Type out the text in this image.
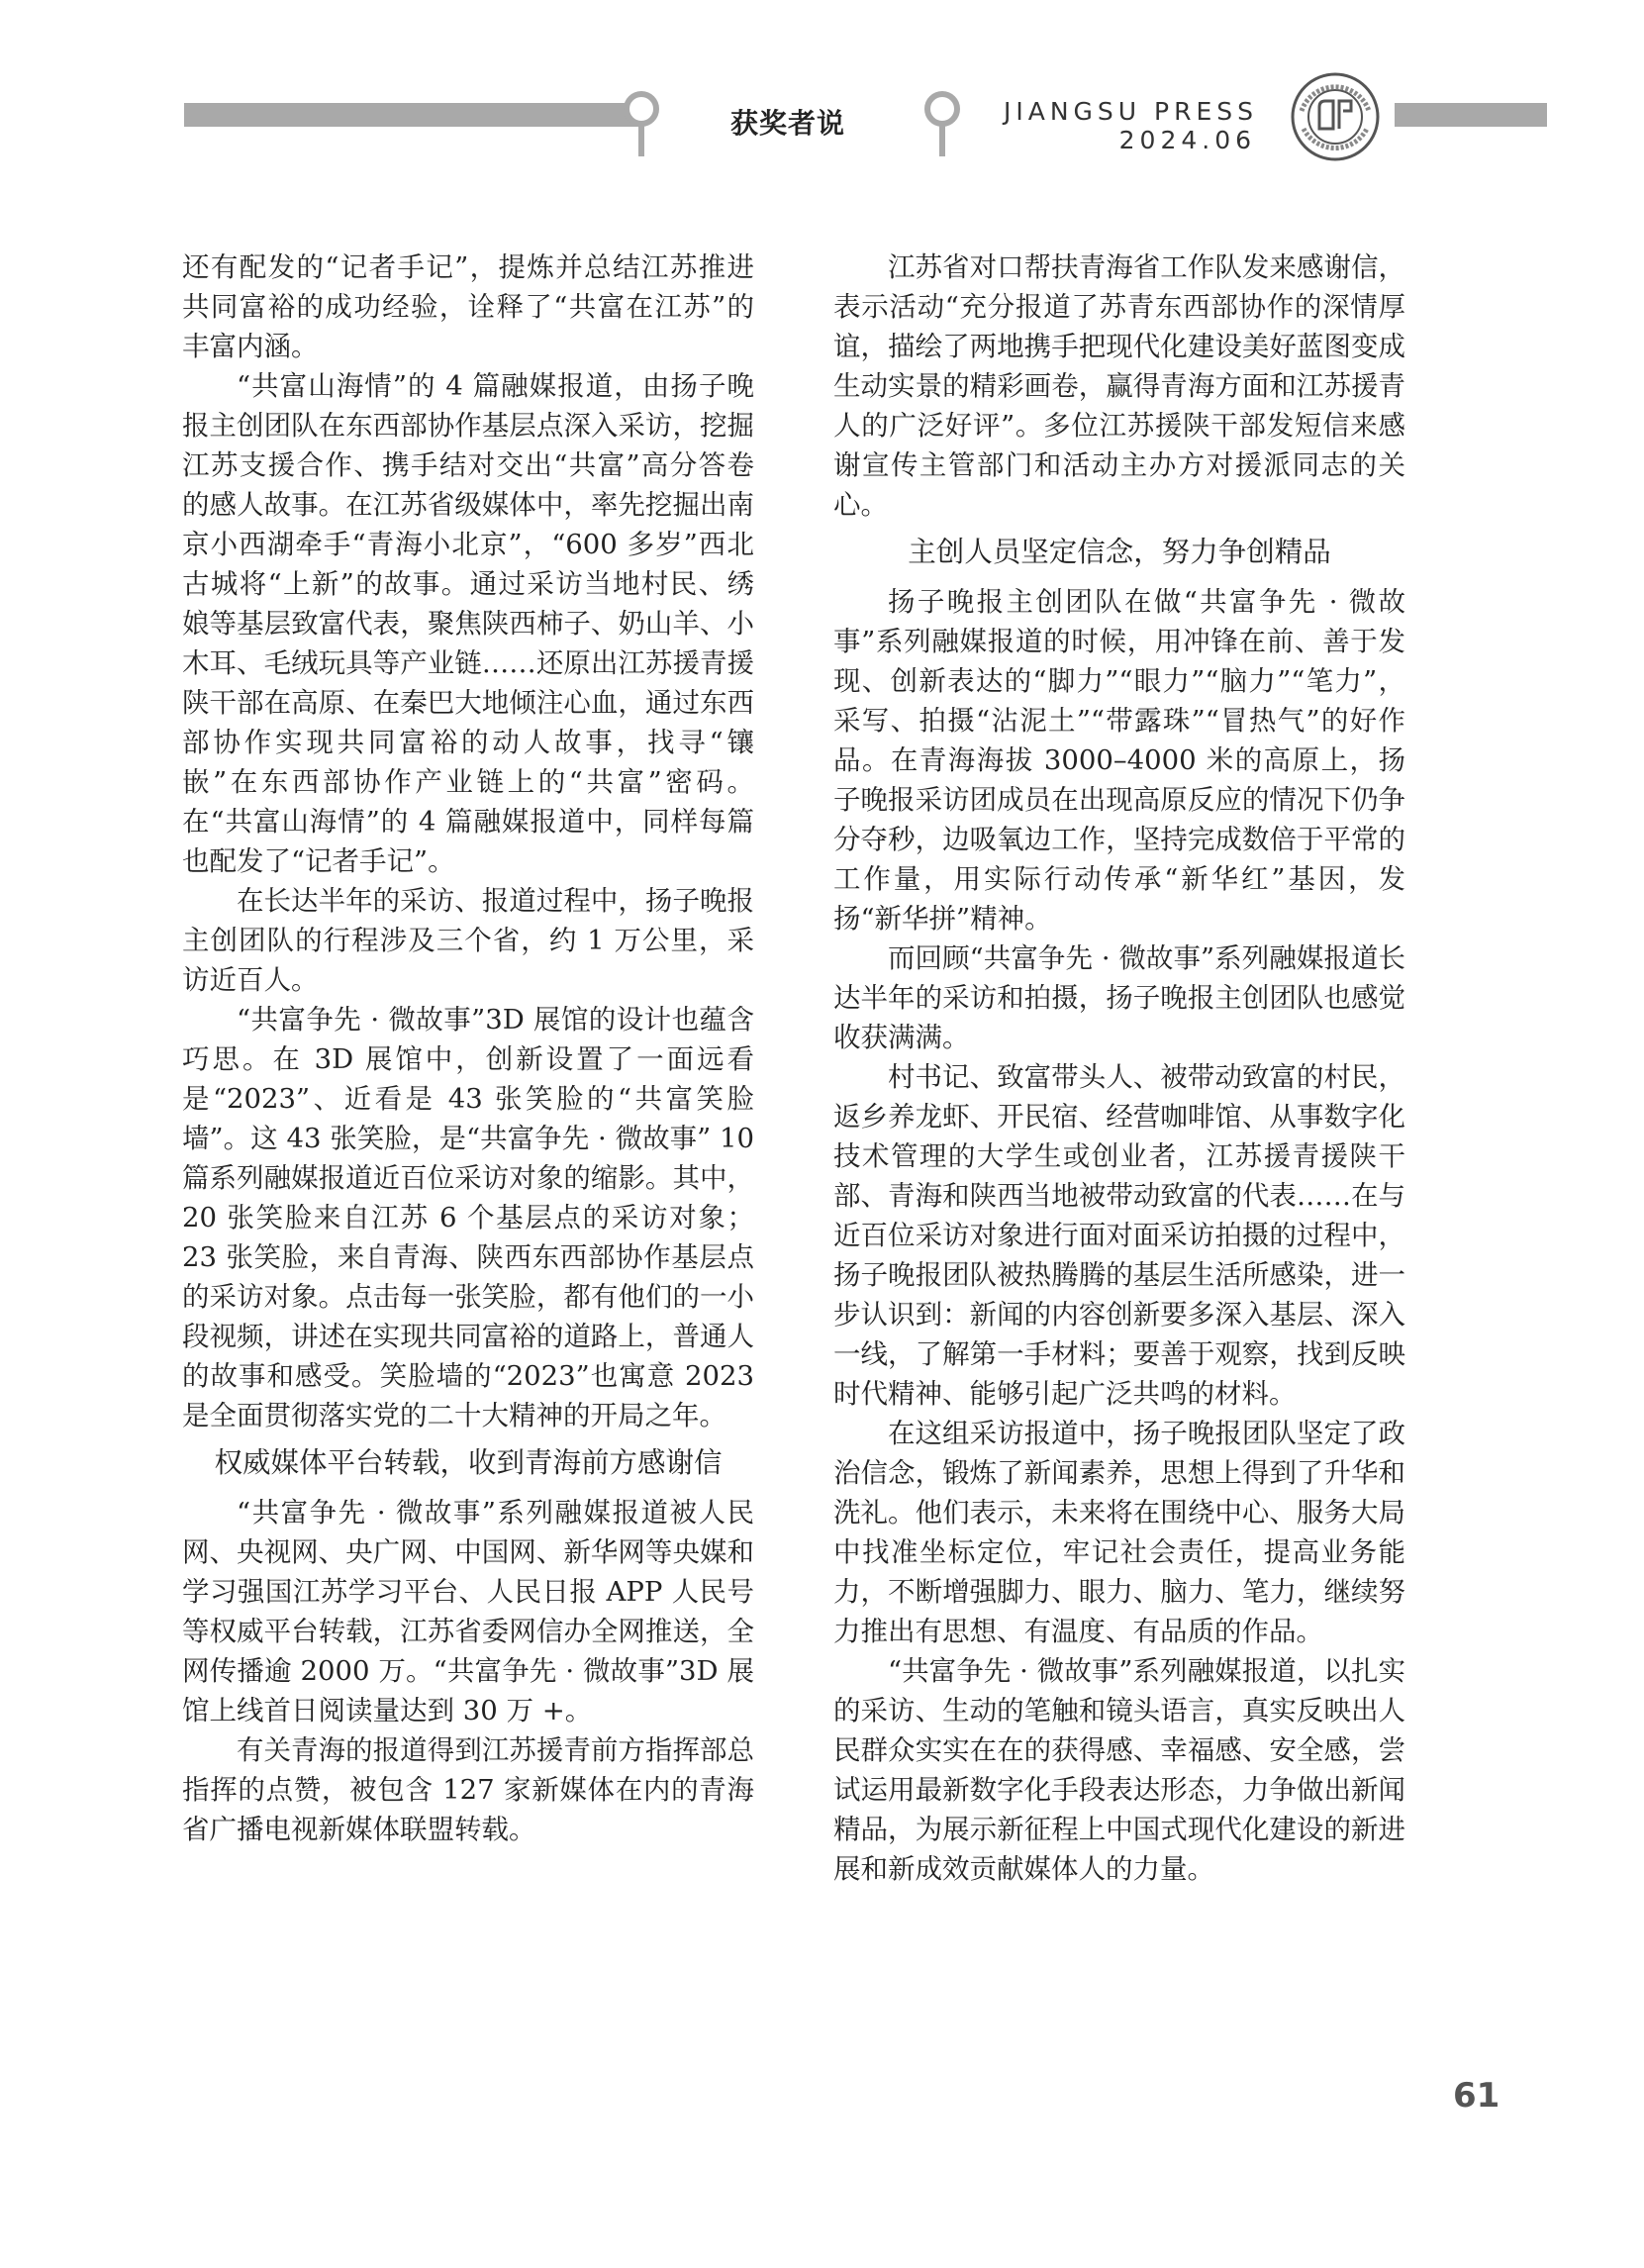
获奖者说	JIANGSU PRESS
2024.06

还有配发的“记者手记”，提炼并总结江苏推进共同富裕的成功经验，诠释了“共富在江苏”的丰富内涵。

“共富山海情”的 4 篇融媒报道，由扬子晚报主创团队在东西部协作基层点深入采访，挖掘江苏支援合作、携手结对交出“共富”高分答卷的感人故事。在江苏省级媒体中，率先挖掘出南京小西湖牵手“青海小北京”，“600 多岁”西北古城将“上新”的故事。通过采访当地村民、绣娘等基层致富代表，聚焦陕西柿子、奶山羊、小木耳、毛绒玩具等产业链……还原出江苏援青援陕干部在高原、在秦巴大地倾注心血，通过东西部协作实现共同富裕的动人故事，找寻“镶嵌”在东西部协作产业链上的“共富”密码。在“共富山海情”的 4 篇融媒报道中，同样每篇也配发了“记者手记”。

在长达半年的采访、报道过程中，扬子晚报主创团队的行程涉及三个省，约 1 万公里，采访近百人。

“共富争先 · 微故事”3D 展馆的设计也蕴含巧思。在 3D 展馆中，创新设置了一面远看是“2023”、近看是 43 张笑脸的“共富笑脸墙”。这 43 张笑脸，是“共富争先 · 微故事” 10 篇系列融媒报道近百位采访对象的缩影。其中，20 张笑脸来自江苏 6 个基层点的采访对象；23 张笑脸，来自青海、陕西东西部协作基层点的采访对象。点击每一张笑脸，都有他们的一小段视频，讲述在实现共同富裕的道路上，普通人的故事和感受。笑脸墙的“2023”也寓意 2023 是全面贯彻落实党的二十大精神的开局之年。

权威媒体平台转载，收到青海前方感谢信

“共富争先 · 微故事”系列融媒报道被人民网、央视网、央广网、中国网、新华网等央媒和学习强国江苏学习平台、人民日报 APP 人民号等权威平台转载，江苏省委网信办全网推送，全网传播逾 2000 万。“共富争先 · 微故事”3D 展馆上线首日阅读量达到 30 万 +。

有关青海的报道得到江苏援青前方指挥部总指挥的点赞，被包含 127 家新媒体在内的青海省广播电视新媒体联盟转载。

江苏省对口帮扶青海省工作队发来感谢信，表示活动“充分报道了苏青东西部协作的深情厚谊，描绘了两地携手把现代化建设美好蓝图变成生动实景的精彩画卷，赢得青海方面和江苏援青人的广泛好评”。多位江苏援陕干部发短信来感谢宣传主管部门和活动主办方对援派同志的关心。

主创人员坚定信念，努力争创精品

扬子晚报主创团队在做“共富争先 · 微故事”系列融媒报道的时候，用冲锋在前、善于发现、创新表达的“脚力”“眼力”“脑力”“笔力”，采写、拍摄“沾泥土”“带露珠”“冒热气”的好作品。在青海海拔 3000–4000 米的高原上，扬子晚报采访团成员在出现高原反应的情况下仍争分夺秒，边吸氧边工作，坚持完成数倍于平常的工作量，用实际行动传承“新华红”基因，发扬“新华拼”精神。

而回顾“共富争先 · 微故事”系列融媒报道长达半年的采访和拍摄，扬子晚报主创团队也感觉收获满满。

村书记、致富带头人、被带动致富的村民，返乡养龙虾、开民宿、经营咖啡馆、从事数字化技术管理的大学生或创业者，江苏援青援陕干部、青海和陕西当地被带动致富的代表……在与近百位采访对象进行面对面采访拍摄的过程中，扬子晚报团队被热腾腾的基层生活所感染，进一步认识到：新闻的内容创新要多深入基层、深入一线，了解第一手材料；要善于观察，找到反映时代精神、能够引起广泛共鸣的材料。

在这组采访报道中，扬子晚报团队坚定了政治信念，锻炼了新闻素养，思想上得到了升华和洗礼。他们表示，未来将在围绕中心、服务大局中找准坐标定位，牢记社会责任，提高业务能力，不断增强脚力、眼力、脑力、笔力，继续努力推出有思想、有温度、有品质的作品。

“共富争先 · 微故事”系列融媒报道，以扎实的采访、生动的笔触和镜头语言，真实反映出人民群众实实在在的获得感、幸福感、安全感，尝试运用最新数字化手段表达形态，力争做出新闻精品，为展示新征程上中国式现代化建设的新进展和新成效贡献媒体人的力量。

61
